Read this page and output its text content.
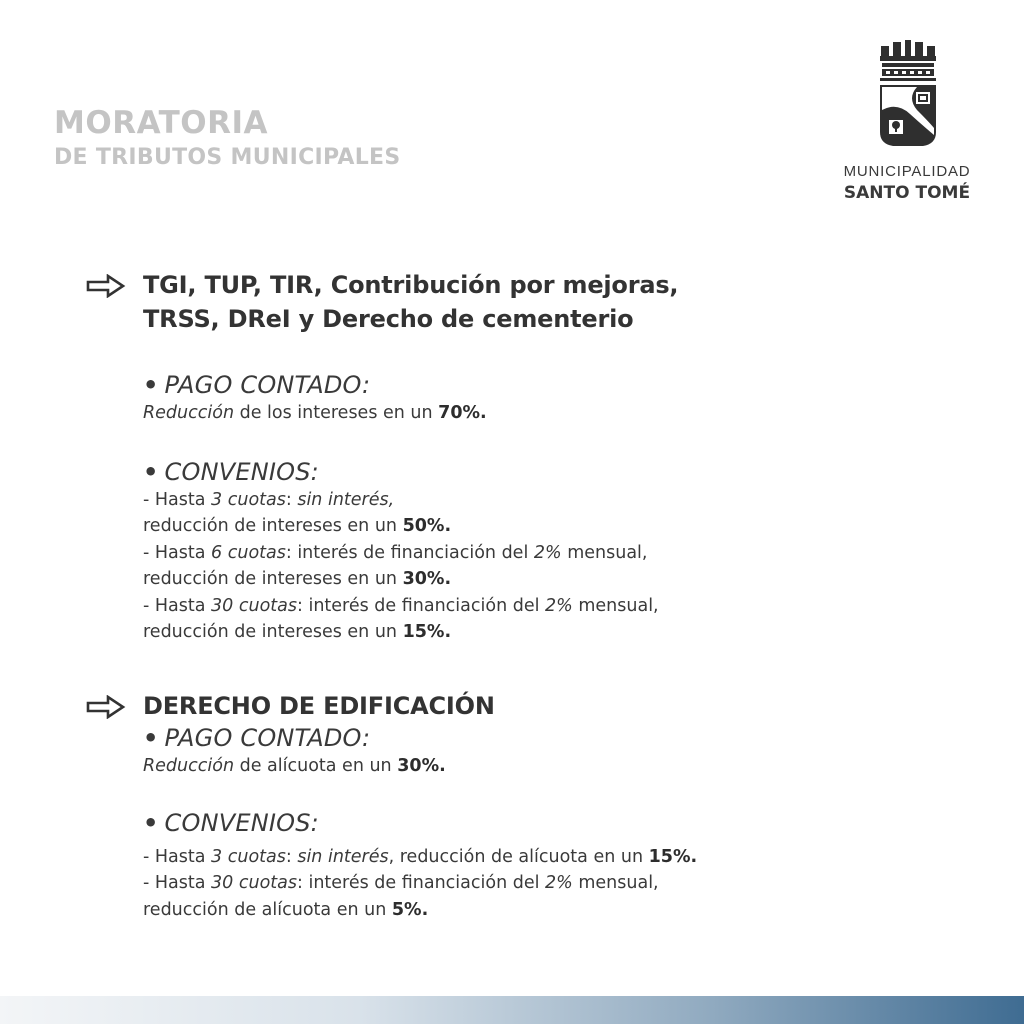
MORATORIA
DE TRIBUTOS MUNICIPALES
MUNICIPALIDAD
SANTO TOMÉ
TGI, TUP, TIR, Contribución por mejoras,
TRSS, DReI y Derecho de cementerio
• PAGO CONTADO:
Reducción de los intereses en un 70%.
• CONVENIOS:
- Hasta 3 cuotas: sin interés,
reducción de intereses en un 50%.
- Hasta 6 cuotas: interés de financiación del 2% mensual,
reducción de intereses en un 30%.
- Hasta 30 cuotas: interés de financiación del 2% mensual,
reducción de intereses en un 15%.
DERECHO DE EDIFICACIÓN
• PAGO CONTADO:
Reducción de alícuota en un 30%.
• CONVENIOS:
- Hasta 3 cuotas: sin interés, reducción de alícuota en un 15%.
- Hasta 30 cuotas: interés de financiación del 2% mensual,
reducción de alícuota en un 5%.
